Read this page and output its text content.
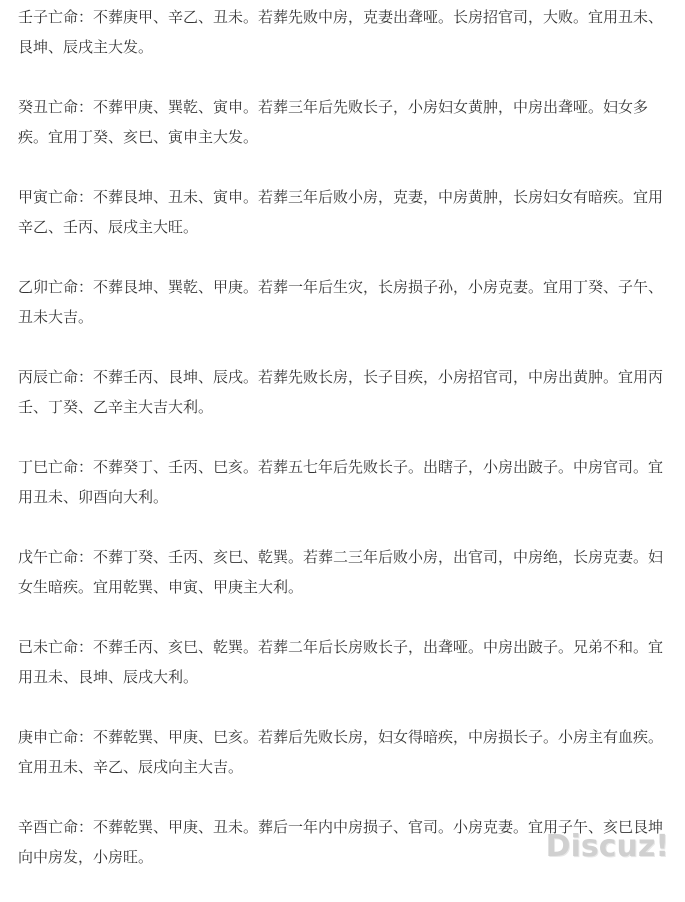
壬子亡命：不葬庚甲、辛乙、丑未。若葬先败中房，克妻出聋哑。长房招官司，大败。宜用丑未、艮坤、辰戌主大发。

癸丑亡命：不葬甲庚、巽乾、寅申。若葬三年后先败长子，小房妇女黄肿，中房出聋哑。妇女多疾。宜用丁癸、亥巳、寅申主大发。

甲寅亡命：不葬艮坤、丑未、寅申。若葬三年后败小房，克妻，中房黄肿，长房妇女有暗疾。宜用辛乙、壬丙、辰戌主大旺。

乙卯亡命：不葬艮坤、巽乾、甲庚。若葬一年后生灾，长房损子孙，小房克妻。宜用丁癸、子午、丑未大吉。

丙辰亡命：不葬壬丙、艮坤、辰戌。若葬先败长房，长子目疾，小房招官司，中房出黄肿。宜用丙壬、丁癸、乙辛主大吉大利。

丁巳亡命：不葬癸丁、壬丙、巳亥。若葬五七年后先败长子。出瞎子，小房出跛子。中房官司。宜用丑未、卯酉向大利。

戊午亡命：不葬丁癸、壬丙、亥巳、乾巽。若葬二三年后败小房，出官司，中房绝，长房克妻。妇女生暗疾。宜用乾巽、申寅、甲庚主大利。

已未亡命：不葬壬丙、亥巳、乾巽。若葬二年后长房败长子，出聋哑。中房出跛子。兄弟不和。宜用丑未、艮坤、辰戌大利。

庚申亡命：不葬乾巽、甲庚、巳亥。若葬后先败长房，妇女得暗疾，中房损长子。小房主有血疾。宜用丑未、辛乙、辰戌向主大吉。

辛酉亡命：不葬乾巽、甲庚、丑未。葬后一年内中房损子、官司。小房克妻。宜用子午、亥巳艮坤向中房发，小房旺。	Discuz!
